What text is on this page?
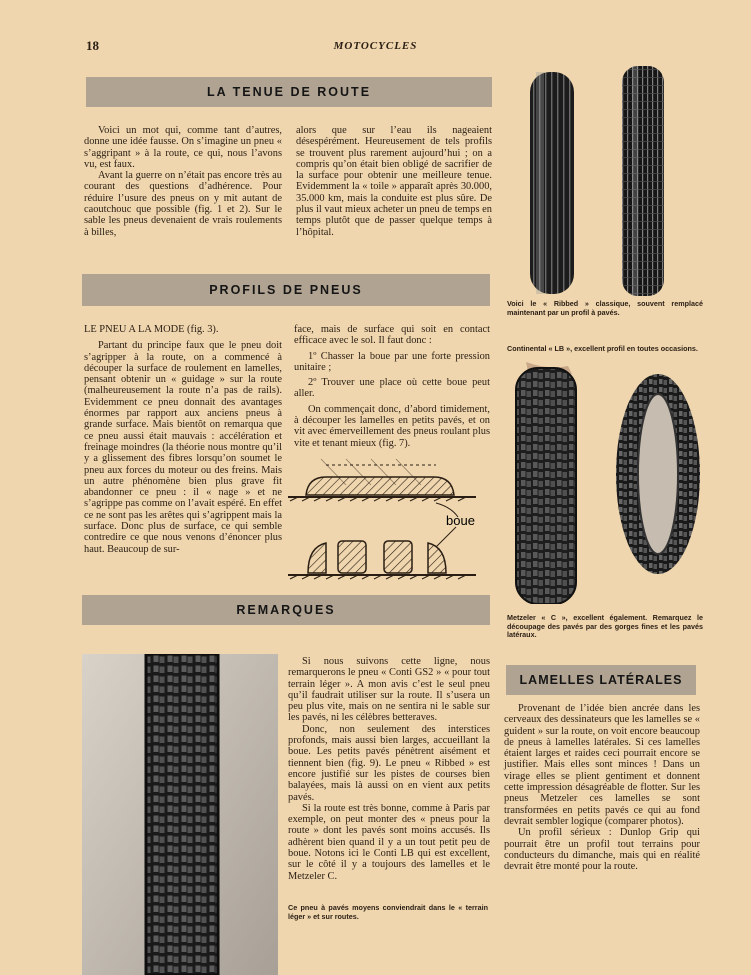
18	MOTOCYCLES
LA TENUE DE ROUTE
PROFILS DE PNEUS
REMARQUES
LAMELLES LATÉRALES

Voici un mot qui, comme tant d’autres, donne une idée fausse. On s’imagine un pneu « s’aggripant » à la route, ce qui, nous l’avons vu, est faux.

Avant la guerre on n’était pas encore très au courant des questions d’adhérence. Pour réduire l’usure des pneus on y mit autant de caoutchouc que possible (fig. 1 et 2). Sur le sable les pneus devenaient de vrais roulements à billes,

alors que sur l’eau ils nageaient désespérément. Heureusement de tels profils se trouvent plus rarement aujourd’hui ; on a compris qu’on était bien obligé de sacrifier de la surface pour obtenir une meilleure tenue. Evidemment la « toile » apparaît après 30.000, 35.000 km, mais la conduite est plus sûre. De plus il vaut mieux acheter un pneu de temps en temps plutôt que de passer quelque temps à l’hôpital.

LE PNEU A LA MODE (fig. 3).

Partant du principe faux que le pneu doit s’agripper à la route, on a commencé à découper la surface de roulement en lamelles, pensant obtenir un « guidage » sur la route (malheureusement la route n’a pas de rails). Evidemment ce pneu donnait des avantages énormes par rapport aux anciens pneus à grande surface. Mais bientôt on remarqua que ce pneu aussi était mauvais : accélération et freinage moindres (la théorie nous montre qu’il y a glissement des fibres lorsqu’on soumet le pneu aux forces du moteur ou des freins. Mais un autre phénomène bien plus grave fit abandonner ce pneu : il « nage » et ne s’agrippe pas comme on l’avait espéré. En effet ce ne sont pas les arêtes qui s’agrippent mais la surface. Donc plus de surface, ce qui semble contredire ce que nous venons d’énoncer plus haut. Beaucoup de sur-

face, mais de surface qui soit en contact efficace avec le sol. Il faut donc :

1º Chasser la boue par une forte pression unitaire ;

2º Trouver une place où cette boue peut aller.

On commençait donc, d’abord timidement, à découper les lamelles en petits pavés, et on vit avec émerveillement des pneus roulant plus vite et tenant mieux (fig. 7).

boue

Si nous suivons cette ligne, nous remarquerons le pneu « Conti GS2 » « pour tout terrain léger ». A mon avis c’est le seul pneu qu’il faudrait utiliser sur la route. Il s’usera un peu plus vite, mais on ne sentira ni le sable sur les pavés, ni les célèbres betteraves.

Donc, non seulement des interstices profonds, mais aussi bien larges, accueillant la boue. Les petits pavés pénètrent aisément et tiennent bien (fig. 9). Le pneu « Ribbed » est encore justifié sur les pistes de courses bien balayées, mais là aussi on en vient aux petits pavés.

Si la route est très bonne, comme à Paris par exemple, on peut monter des « pneus pour la route » dont les pavés sont moins accusés. Ils adhèrent bien quand il y a un tout petit peu de boue. Notons ici le Conti LB qui est excellent, sur le côté il y a toujours des lamelles et le Metzeler C.

Ce pneu à pavés moyens conviendrait dans le « terrain léger » et sur routes.

Provenant de l’idée bien ancrée dans les cerveaux des dessinateurs que les lamelles se « guident » sur la route, on voit encore beaucoup de pneus à lamelles latérales. Si ces lamelles étaient larges et raides ceci pourrait encore se justifier. Mais elles sont minces ! Dans un virage elles se plient gentiment et donnent cette impression désagréable de flotter. Sur les pneus Metzeler ces lamelles se sont transformées en petits pavés ce qui au fond devrait sembler logique (comparer photos).

Un profil sérieux : Dunlop Grip qui pourrait être un profil tout terrains pour conducteurs du dimanche, mais qui en réalité devrait être monté pour la route.

Voici le « Ribbed » classique, souvent remplacé maintenant par un profil à pavés.
Continental « LB », excellent profil en toutes occasions.
Metzeler « C », excellent également. Remarquez le découpage des pavés par des gorges fines et les pavés latéraux.
